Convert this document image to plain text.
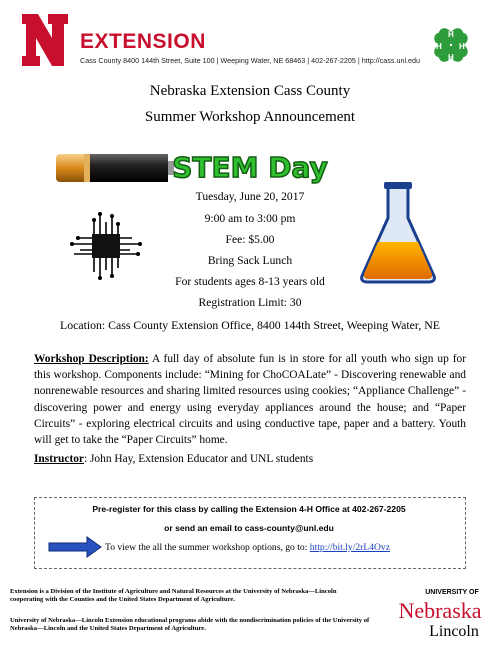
EXTENSION
Cass County 8400 144th Street, Suite 100 | Weeping Water, NE 68463 | 402-267-2205 | http://cass.unl.edu
H
H
H H
Nebraska Extension Cass County
Summer Workshop Announcement
STEM Day
Tuesday, June 20, 2017
9:00 am to 3:00 pm
Fee: $5.00
Bring Sack Lunch
For students ages 8-13 years old
Registration Limit: 30
Location: Cass County Extension Office, 8400 144th Street, Weeping Water, NE
Workshop Description: A full day of absolute fun is in store for all youth who sign up for this workshop. Components include: “Mining for ChoCOALate” - Discovering renewable and nonrenewable resources and sharing limited resources using cookies; “Appliance Challenge” - discovering power and energy using everyday appliances around the house; and “Paper Circuits” - exploring electrical circuits and using conductive tape, paper and a battery. Youth will get to take the “Paper Circuits” home.
Instructor: John Hay, Extension Educator and UNL students
Pre-register for this class by calling the Extension 4-H Office at 402-267-2205
or send an email to cass-county@unl.edu
To view the all the summer workshop options, go to: http://bit.ly/2rL4Ovz
Extension is a Division of the Institute of Agriculture and Natural Resources at the University of Nebraska—Lincoln cooperating with the Counties and the United States Department of Agriculture.
University of Nebraska—Lincoln Extension educational programs abide with the nondiscrimination policies of the University of Nebraska—Lincoln and the United States Department of Agriculture.
UNIVERSITY OF
Nebraska
Lincoln
